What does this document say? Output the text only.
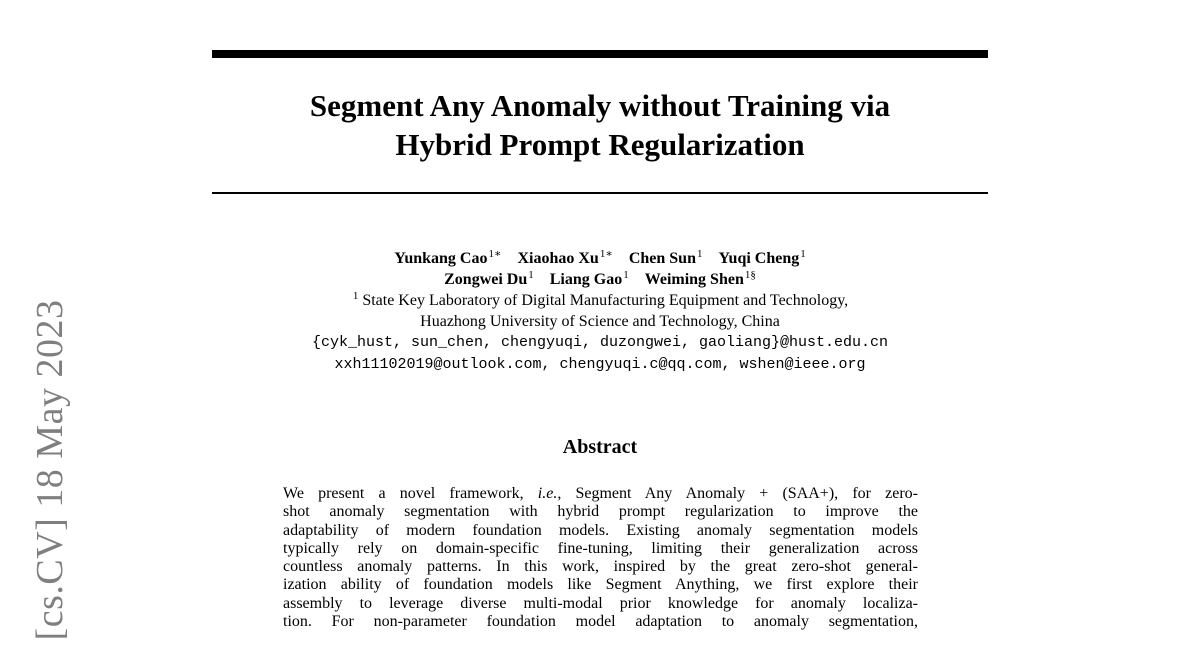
Segment Any Anomaly without Training via
Hybrid Prompt Regularization
Yunkang Cao$^{1∗}$ Xiaohao $Xu^{1∗}$ Chen Sun$^1$ Yuqi Cheng$^1$
Zongwei Du$^1$ Liang Gao$^1$ Weiming Shen$^{1\S}$
$^1$ State Key Laboratory of Digital Manufacturing Equipment and Technology,
Huazhong University of Science and Technology, China
{cyk_hust, sun_chen, chengyuqi, duzongwei, gaoliang}@hust.edu.cn
xxh11102019@outlook.com, chengyuqi.c@qq.com, wshen@ieee.org
Abstract
We present a novel framework, i.e., Segment Any Anomaly + (SAA+), for zero-
shot anomaly segmentation with hybrid prompt regularization to improve the
adaptability of modern foundation models. Existing anomaly segmentation models
typically rely on domain-specific fine-tuning, limiting their generalization across
countless anomaly patterns. In this work, inspired by the great zero-shot general-
ization ability of foundation models like Segment Anything, we first explore their
assembly to leverage diverse multi-modal prior knowledge for anomaly localiza-
tion. For non-parameter foundation model adaptation to anomaly segmentation,
[cs.CV] 18 May 2023
